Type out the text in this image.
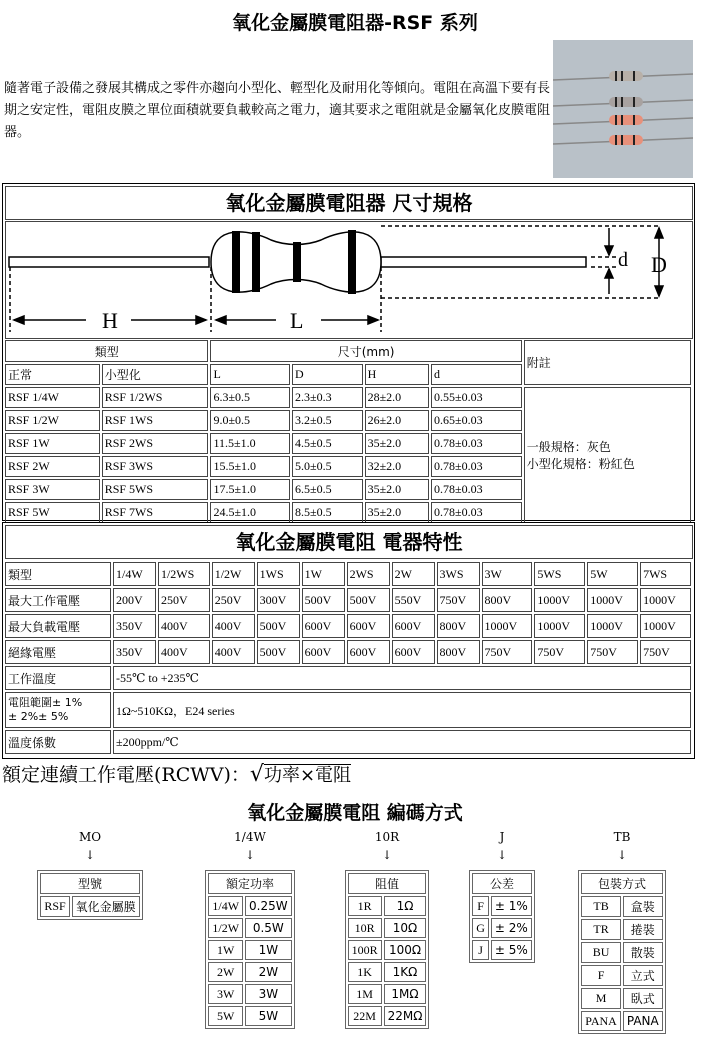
氧化金屬膜電阻器-RSF 系列
隨著電子設備之發展其構成之零件亦趨向小型化、輕型化及耐用化等傾向。電阻在高溫下要有長期之安定性，電阻皮膜之單位面積就要負載較高之電力，適其要求之電阻就是金屬氧化皮膜電阻器。
氧化金屬膜電阻器 尺寸規格
H	L
d D
類型		尺寸(mm)				附註
正常	小型化	L	D	H	d	
RSF 1/4W	RSF 1/2WS	6.3±0.5	2.3±0.3	28±2.0	0.55±0.03	一般規格：灰色
小型化規格：粉紅色

RSF 1/2W	RSF 1WS	9.0±0.5	3.2±0.5	26±2.0	0.65±0.03	
RSF 1W	RSF 2WS	11.5±1.0	4.5±0.5	35±2.0	0.78±0.03	
RSF 2W	RSF 3WS	15.5±1.0	5.0±0.5	32±2.0	0.78±0.03	
RSF 3W	RSF 5WS	17.5±1.0	6.5±0.5	35±2.0	0.78±0.03	
RSF 5W	RSF 7WS	24.5±1.0	8.5±0.5	35±2.0	0.78±0.03	
氧化金屬膜電阻 電器特性
類型	1/4W	1/2WS	1/2W	1WS	1W	2WS	2W	3WS	3W	5WS	5W	7WS
最大工作電壓	200V	250V	250V	300V	500V	500V	550V	750V	800V	1000V	1000V	1000V
最大負載電壓	350V	400V	400V	500V	600V	600V	600V	800V	1000V	1000V	1000V	1000V
絕緣電壓	350V	400V	400V	500V	600V	600V	600V	800V	750V	750V	750V	750V
工作溫度	-55℃ to +235℃											
電阻範圍± 1%
± 2%± 5%	1Ω~510KΩ，E24 series											
溫度係數	±200ppm/℃											
額定連續工作電壓(RCWV)：√功率×電阻
氧化金屬膜電阻 編碼方式
MO
↓
型號
RSF	氧化金屬膜
1/4W
↓
額定功率	
1/4W	0.25W
1/2W	0.5W
1W	1W
2W	2W
3W	3W
5W	5W
10R
↓
阻值	
1R	1Ω
10R	10Ω
100R	100Ω
1K	1KΩ
1M	1MΩ
22M	22MΩ
J
↓
公差	
F	± 1%
G	± 2%
J	± 5%
TB
↓
包裝方式	
TB	盒裝
TR	捲裝
BU	散裝
F	立式
M	臥式
PANA	PANA
